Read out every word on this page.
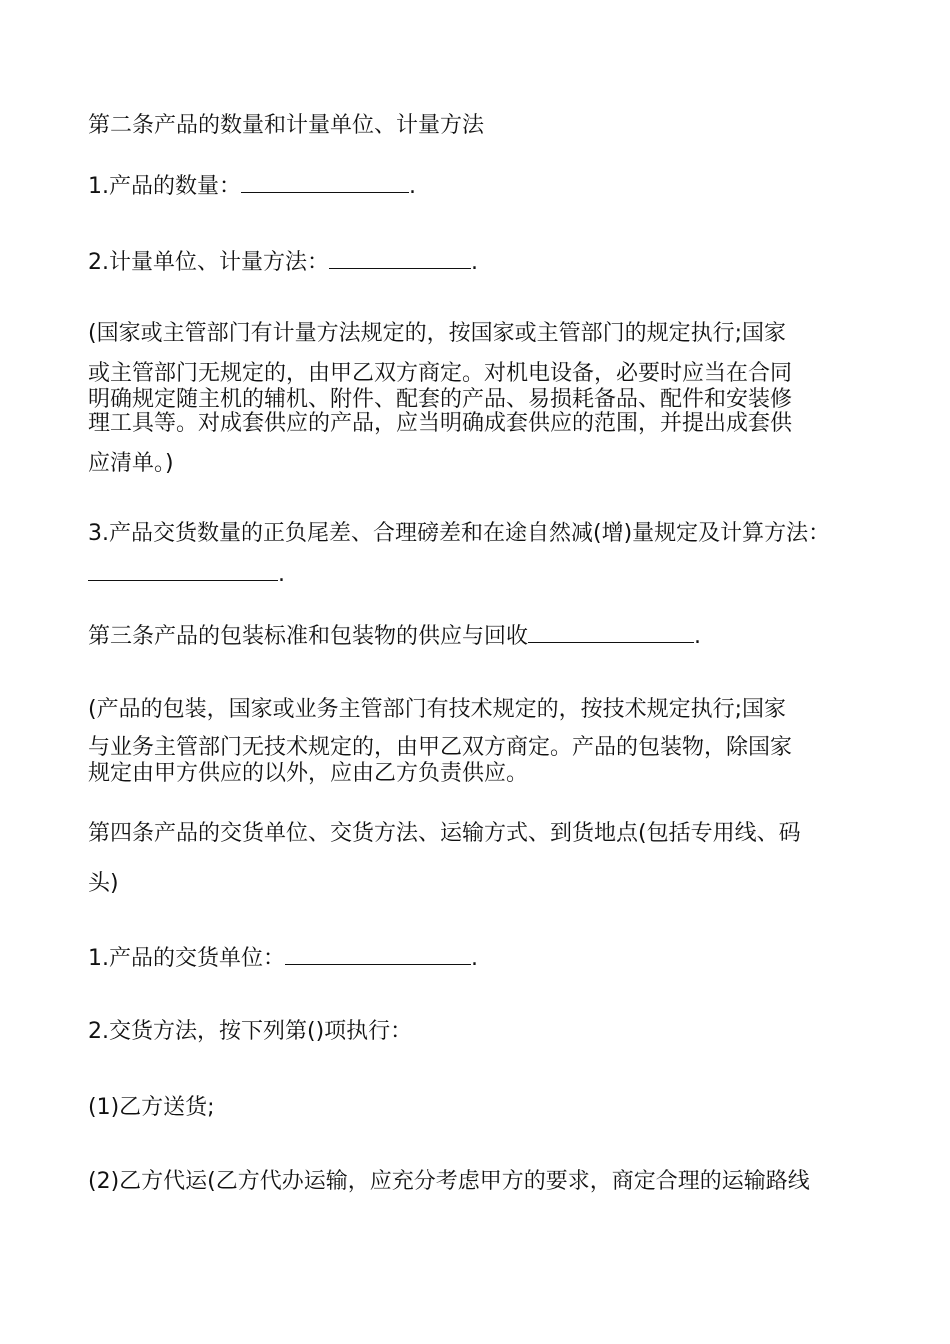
第二条产品的数量和计量单位、计量方法
1.产品的数量：	.
2.计量单位、计量方法：	.
(国家或主管部门有计量方法规定的，按国家或主管部门的规定执行;国家
或主管部门无规定的，由甲乙双方商定。对机电设备，必要时应当在合同
明确规定随主机的辅机、附件、配套的产品、易损耗备品、配件和安装修
理工具等。对成套供应的产品，应当明确成套供应的范围，并提出成套供
应清单。)
3.产品交货数量的正负尾差、合理磅差和在途自然减(增)量规定及计算方法：
.
第三条产品的包装标准和包装物的供应与回收	.
(产品的包装，国家或业务主管部门有技术规定的，按技术规定执行;国家
与业务主管部门无技术规定的，由甲乙双方商定。产品的包装物，除国家
规定由甲方供应的以外，应由乙方负责供应。
第四条产品的交货单位、交货方法、运输方式、到货地点(包括专用线、码
头)
1.产品的交货单位：	.
2.交货方法，按下列第()项执行：
(1)乙方送货;
(2)乙方代运(乙方代办运输，应充分考虑甲方的要求，商定合理的运输路线
